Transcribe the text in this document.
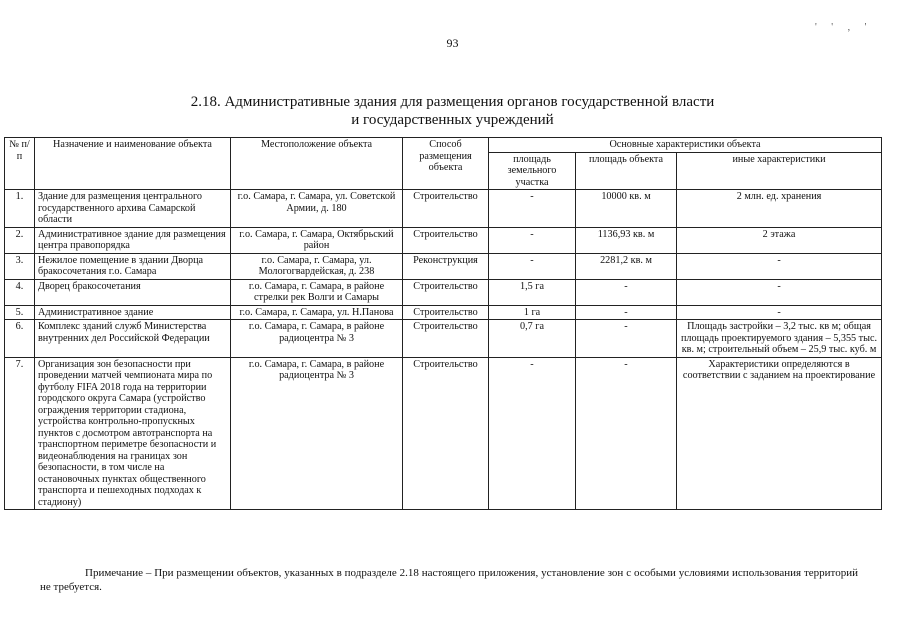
93
' ' , '
2.18. Административные здания для размещения органов государственной власти
и государственных учреждений
№ п/п	Назначение и наименование объекта	Местоположение объекта	Способ размещения объекта	Основные характеристики объекта		
				площадь земельного участка	площадь объекта	иные характеристики
1.	Здание для размещения центрального государственного архива Самарской области	г.о. Самара, г. Самара, ул. Советской Армии, д. 180	Строительство	-	10000 кв. м	2 млн. ед. хранения
2.	Административное здание для размещения центра правопорядка	г.о. Самара, г. Самара, Октябрьский район	Строительство	-	1136,93 кв. м	2 этажа
3.	Нежилое помещение в здании Дворца бракосочетания г.о. Самара	г.о. Самара, г. Самара, ул. Мологогвардейская, д. 238	Реконструкция	-	2281,2 кв. м	-
4.	Дворец бракосочетания	г.о. Самара, г. Самара, в районе стрелки рек Волги и Самары	Строительство	1,5 га	-	-
5.	Административное здание	г.о. Самара, г. Самара, ул. Н.Панова	Строительство	1 га	-	-
6.	Комплекс зданий служб Министерства внутренних дел Российской Федерации	г.о. Самара, г. Самара, в районе радиоцентра № 3	Строительство	0,7 га	-	Площадь застройки – 3,2 тыс. кв м; общая площадь проектируемого здания – 5,355 тыс. кв. м; строительный объем – 25,9 тыс. куб. м
7.	Организация зон безопасности при проведении матчей чемпионата мира по футболу FIFA 2018 года на территории городского округа Самара (устройство ограждения территории стадиона, устройства контрольно-пропускных пунктов с досмотром автотранспорта на транспортном периметре безопасности и видеонаблюдения на границах зон безопасности, в том числе на остановочных пунктах общественного транспорта и пешеходных подходах к стадиону)	г.о. Самара, г. Самара, в районе радиоцентра № 3	Строительство	-	-	Характеристики определяются в соответствии с заданием на проектирование
Примечание – При размещении объектов, указанных в подразделе 2.18 настоящего приложения, установление зон с особыми условиями использования территорий не требуется.
